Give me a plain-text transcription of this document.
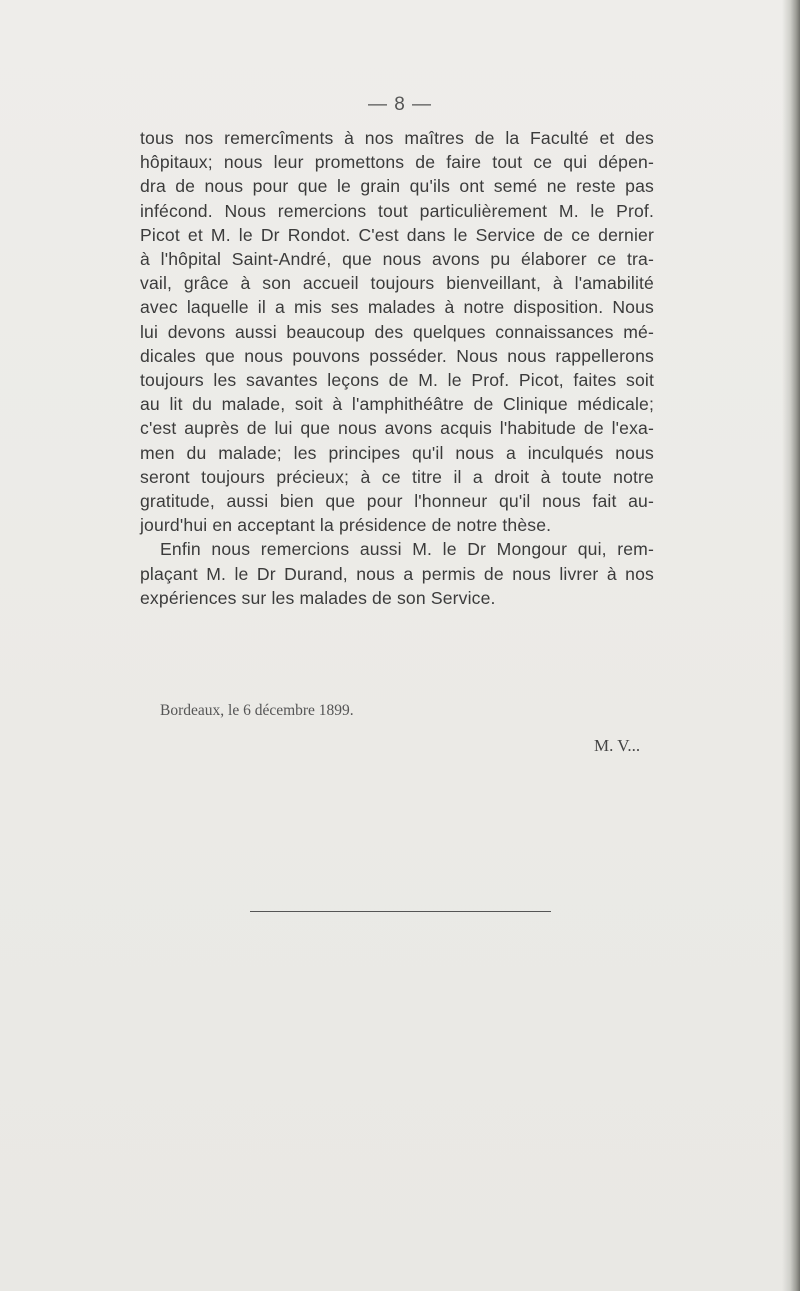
— 8 —
tous nos remercîments à nos maîtres de la Faculté et des
hôpitaux; nous leur promettons de faire tout ce qui dépen-
dra de nous pour que le grain qu'ils ont semé ne reste pas
infécond. Nous remercions tout particulièrement M. le Prof.
Picot et M. le Dr Rondot. C'est dans le Service de ce dernier
à l'hôpital Saint-André, que nous avons pu élaborer ce tra-
vail, grâce à son accueil toujours bienveillant, à l'amabilité
avec laquelle il a mis ses malades à notre disposition. Nous
lui devons aussi beaucoup des quelques connaissances mé-
dicales que nous pouvons posséder. Nous nous rappellerons
toujours les savantes leçons de M. le Prof. Picot, faites soit
au lit du malade, soit à l'amphithéâtre de Clinique médicale;
c'est auprès de lui que nous avons acquis l'habitude de l'exa-
men du malade; les principes qu'il nous a inculqués nous
seront toujours précieux; à ce titre il a droit à toute notre
gratitude, aussi bien que pour l'honneur qu'il nous fait au-
jourd'hui en acceptant la présidence de notre thèse.
Enfin nous remercions aussi M. le Dr Mongour qui, rem-
plaçant M. le Dr Durand, nous a permis de nous livrer à nos
expériences sur les malades de son Service.
Bordeaux, le 6 décembre 1899.
M. V...
